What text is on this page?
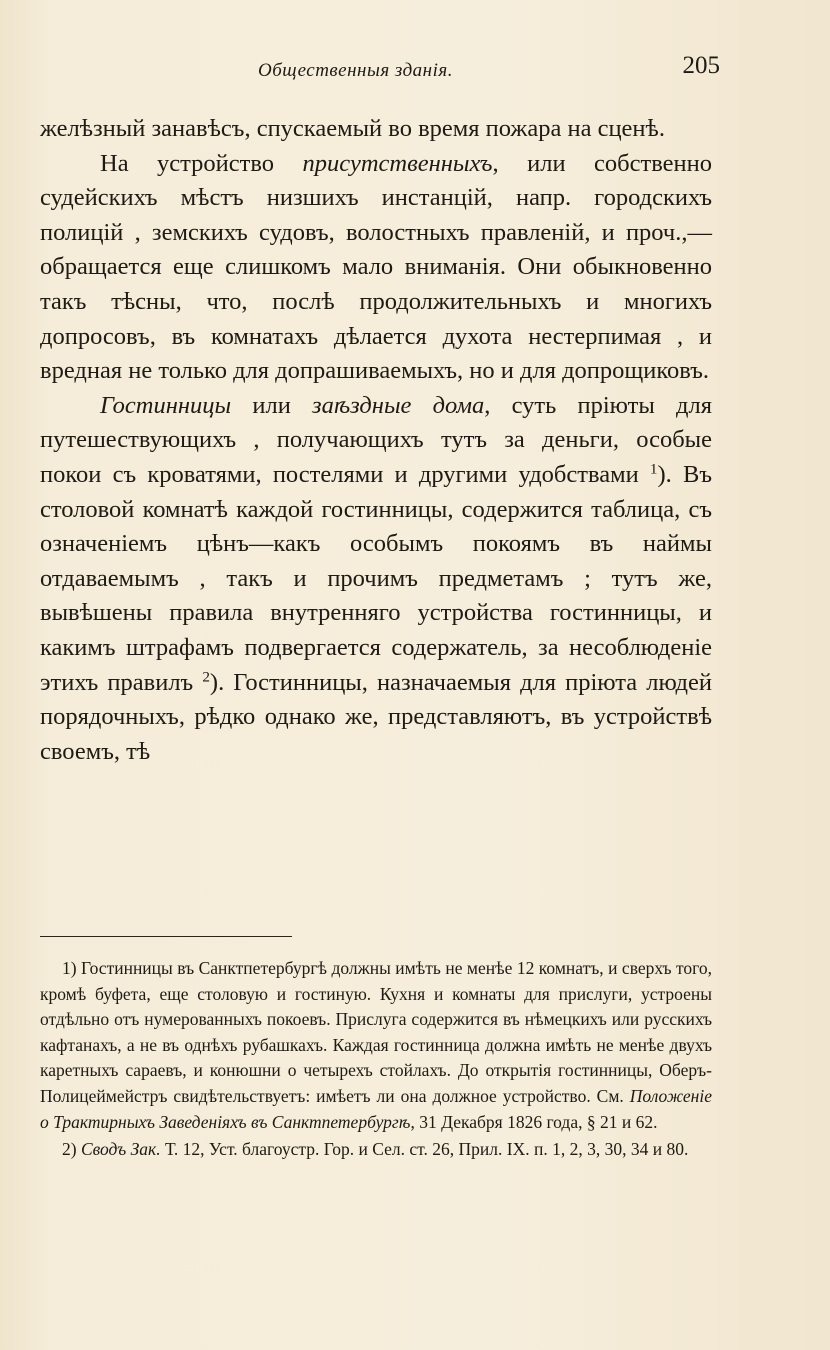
Общественныя зданія.	205

желѣзный занавѣсъ, спускаемый во время пожара на сценѣ.

На устройство присутственныхъ, или собственно судейскихъ мѣстъ низшихъ инстанцій, напр. городскихъ полицій , земскихъ судовъ, волостныхъ правленій, и проч.,—обращается еще слишкомъ мало вниманія. Они обыкновенно такъ тѣсны, что, послѣ продолжительныхъ и многихъ допросовъ, въ комнатахъ дѣлается духота нестерпимая , и вредная не только для допрашиваемыхъ, но и для допрощиковъ.

Гостинницы или заѣздные дома, суть пріюты для путешествующихъ , получающихъ тутъ за деньги, особые покои съ кроватями, постелями и другими удобствами $^1$). Въ столовой комнатѣ каждой гостинницы, содержится таблица, съ означеніемъ цѣнъ—какъ особымъ покоямъ въ наймы отдаваемымъ , такъ и прочимъ предметамъ ; тутъ же, вывѣшены правила внутренняго устройства гостинницы, и какимъ штрафамъ подвергается содержатель, за несоблюденіе этихъ правилъ $^2$). Гостинницы, назначаемыя для пріюта людей порядочныхъ, рѣдко однако же, представляютъ, въ устройствѣ своемъ, тѣ

1) Гостинницы въ Санктпетербургѣ должны имѣть не менѣе 12 комнатъ, и сверхъ того, кромѣ буфета, еще столовую и гостиную. Кухня и комнаты для прислуги, устроены отдѣльно отъ нумерованныхъ покоевъ. Прислуга содержится въ нѣмецкихъ или русскихъ кафтанахъ, а не въ однѣхъ рубашкахъ. Каждая гостинница должна имѣть не менѣе двухъ каретныхъ сараевъ, и конюшни о четырехъ стойлахъ. До открытія гостинницы, Оберъ-Полицеймейстръ свидѣтельствуетъ: имѣетъ ли она должное устройство. См. Положеніе о Трактирныхъ Заведеніяхъ въ Санктпетербургѣ, 31 Декабря 1826 года, § 21 и 62.

2) Сводъ Зак. Т. 12, Уст. благоустр. Гор. и Сел. ст. 26, Прил. IX. п. 1, 2, 3, 30, 34 и 80.
